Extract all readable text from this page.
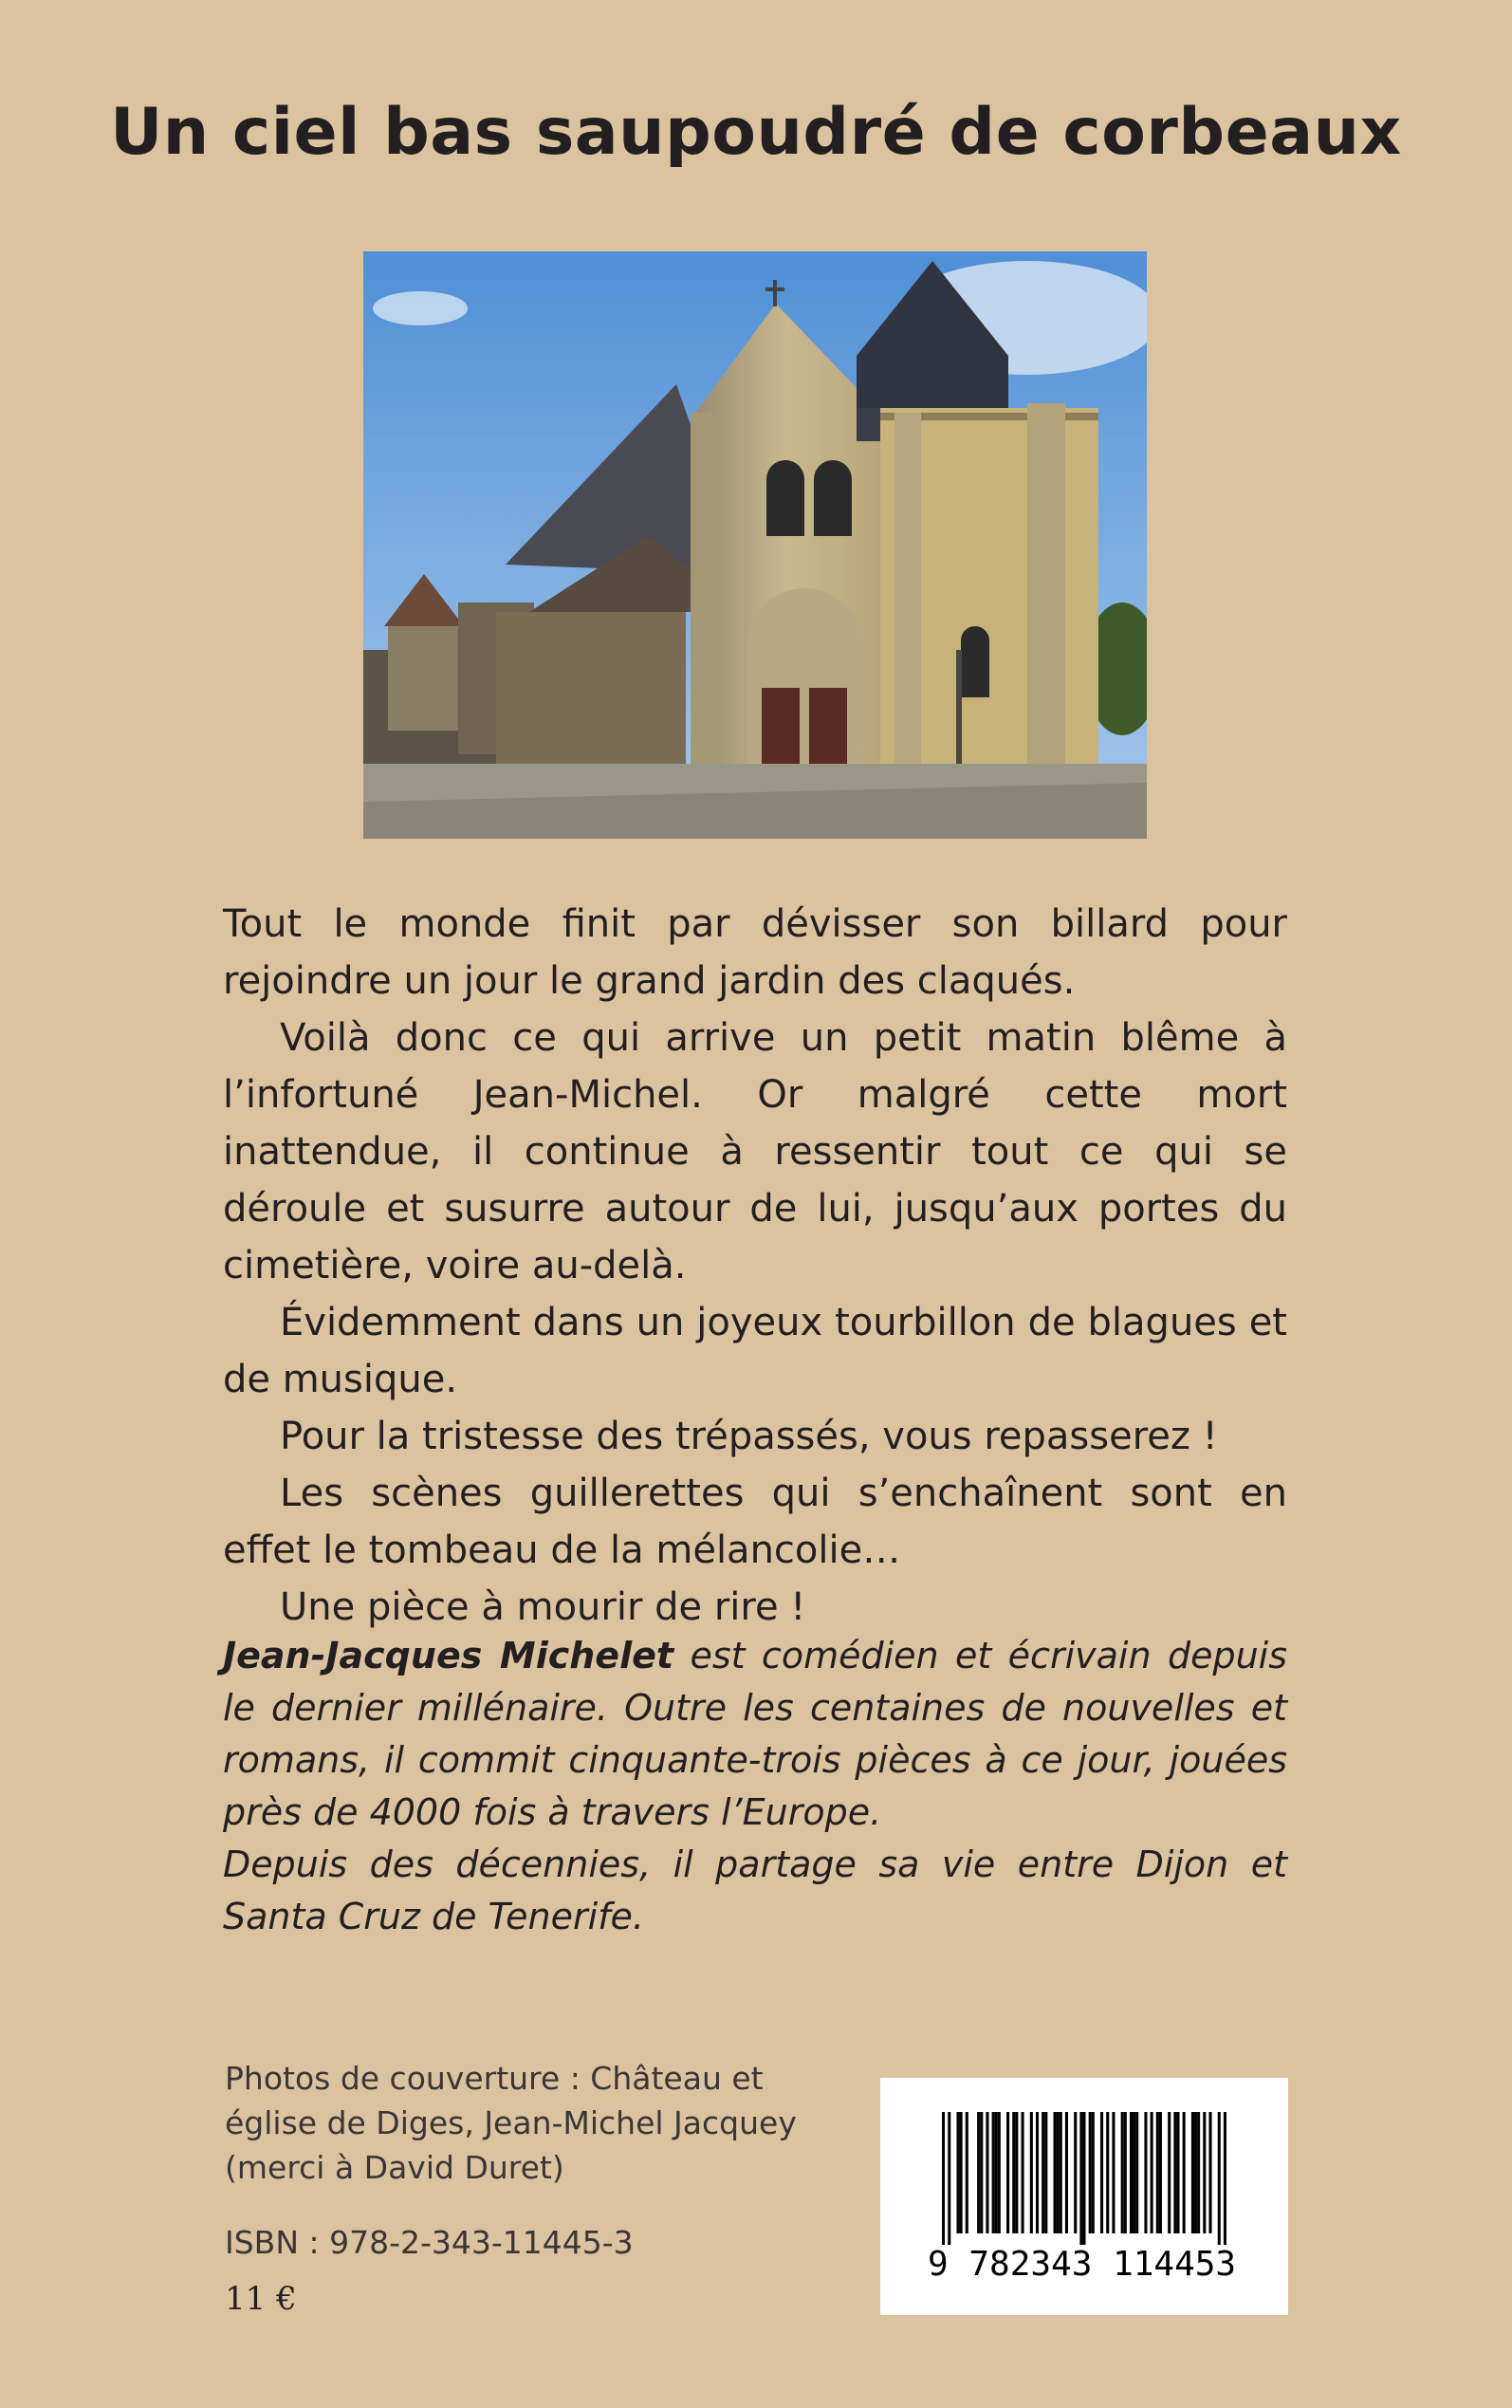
Un ciel bas saupoudré de corbeaux

Tout le monde finit par dévisser son billard pour rejoindre un jour le grand jardin des claqués.

Voilà donc ce qui arrive un petit matin blême à l’infortuné Jean-Michel. Or malgré cette mort inattendue, il continue à ressentir tout ce qui se déroule et susurre autour de lui, jusqu’aux portes du cimetière, voire au-delà.

Évidemment dans un joyeux tourbillon de blagues et de musique.

Pour la tristesse des trépassés, vous repasserez !

Les scènes guillerettes qui s’enchaînent sont en effet le tombeau de la mélancolie…

Une pièce à mourir de rire !

Jean-Jacques Michelet est comédien et écrivain depuis le dernier millénaire. Outre les centaines de nouvelles et romans, il commit cinquante-trois pièces à ce jour, jouées près de 4000 fois à travers l’Europe.

Depuis des décennies, il partage sa vie entre Dijon et Santa Cruz de Tenerife.

Photos de couverture : Château et église de Diges, Jean-Michel Jacquey (merci à David Duret)
ISBN : 978-2-343-11445-3
11 €
9 782343 114453
